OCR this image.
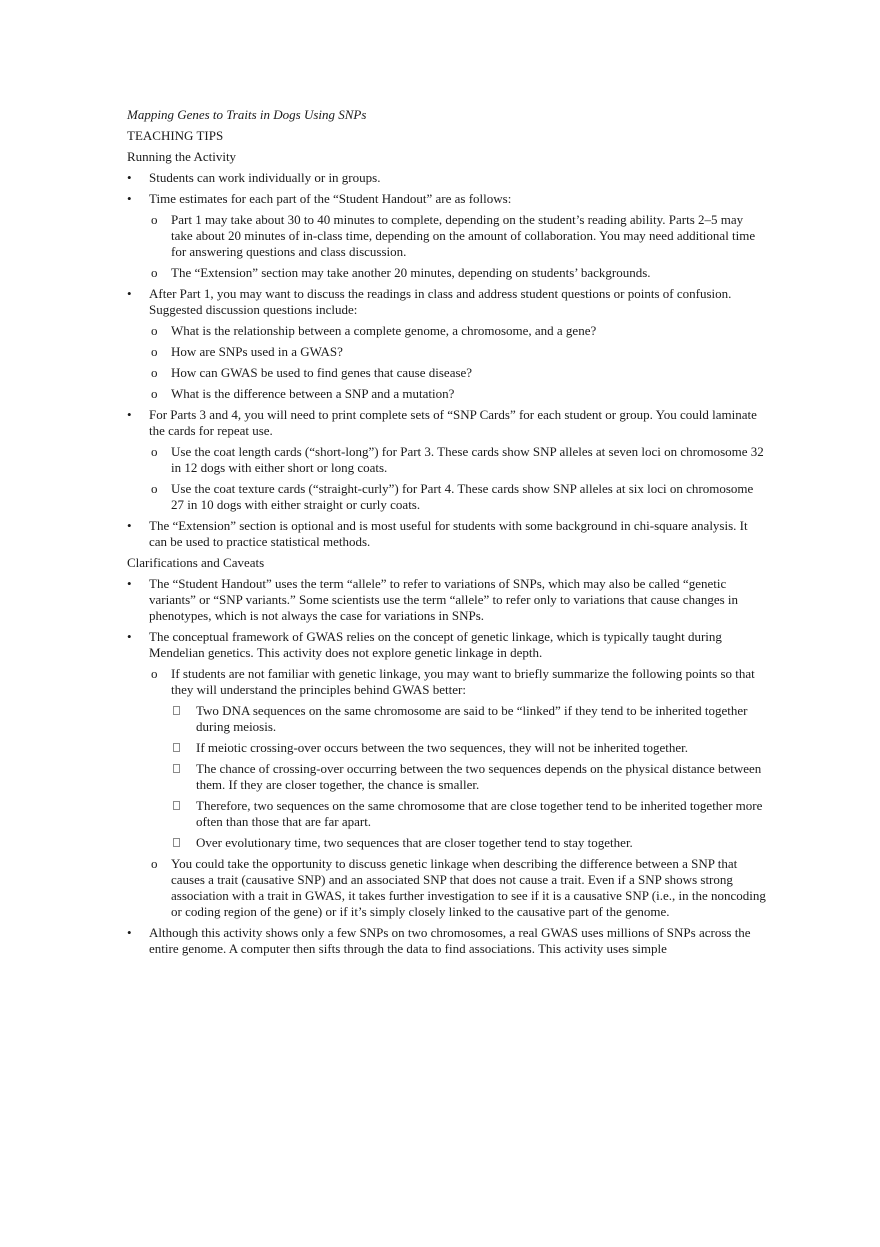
Mapping Genes to Traits in Dogs Using SNPs

TEACHING TIPS

Running the Activity

• Students can work individually or in groups.
• Time estimates for each part of the “Student Handout” are as follows:
o Part 1 may take about 30 to 40 minutes to complete, depending on the student’s reading ability. Parts 2–5 may take about 20 minutes of in-class time, depending on the amount of collaboration. You may need additional time for answering questions and class discussion.
o The “Extension” section may take another 20 minutes, depending on students’ backgrounds.
• After Part 1, you may want to discuss the readings in class and address student questions or points of confusion. Suggested discussion questions include:
o What is the relationship between a complete genome, a chromosome, and a gene?
o How are SNPs used in a GWAS?
o How can GWAS be used to find genes that cause disease?
o What is the difference between a SNP and a mutation?
• For Parts 3 and 4, you will need to print complete sets of “SNP Cards” for each student or group. You could laminate the cards for repeat use.
o Use the coat length cards (“short-long”) for Part 3. These cards show SNP alleles at seven loci on chromosome 32 in 12 dogs with either short or long coats.
o Use the coat texture cards (“straight-curly”) for Part 4. These cards show SNP alleles at six loci on chromosome 27 in 10 dogs with either straight or curly coats.
• The “Extension” section is optional and is most useful for students with some background in chi-square analysis. It can be used to practice statistical methods.

Clarifications and Caveats

• The “Student Handout” uses the term “allele” to refer to variations of SNPs, which may also be called “genetic variants” or “SNP variants.” Some scientists use the term “allele” to refer only to variations that cause changes in phenotypes, which is not always the case for variations in SNPs.
• The conceptual framework of GWAS relies on the concept of genetic linkage, which is typically taught during Mendelian genetics. This activity does not explore genetic linkage in depth.
o If students are not familiar with genetic linkage, you may want to briefly summarize the following points so that they will understand the principles behind GWAS better:
Two DNA sequences on the same chromosome are said to be “linked” if they tend to be inherited together during meiosis.
If meiotic crossing-over occurs between the two sequences, they will not be inherited together.
The chance of crossing-over occurring between the two sequences depends on the physical distance between them. If they are closer together, the chance is smaller.
Therefore, two sequences on the same chromosome that are close together tend to be inherited together more often than those that are far apart.
Over evolutionary time, two sequences that are closer together tend to stay together.
o You could take the opportunity to discuss genetic linkage when describing the difference between a SNP that causes a trait (causative SNP) and an associated SNP that does not cause a trait. Even if a SNP shows strong association with a trait in GWAS, it takes further investigation to see if it is a causative SNP (i.e., in the noncoding or coding region of the gene) or if it’s simply closely linked to the causative part of the genome.
• Although this activity shows only a few SNPs on two chromosomes, a real GWAS uses millions of SNPs across the entire genome. A computer then sifts through the data to find associations. This activity uses simple
